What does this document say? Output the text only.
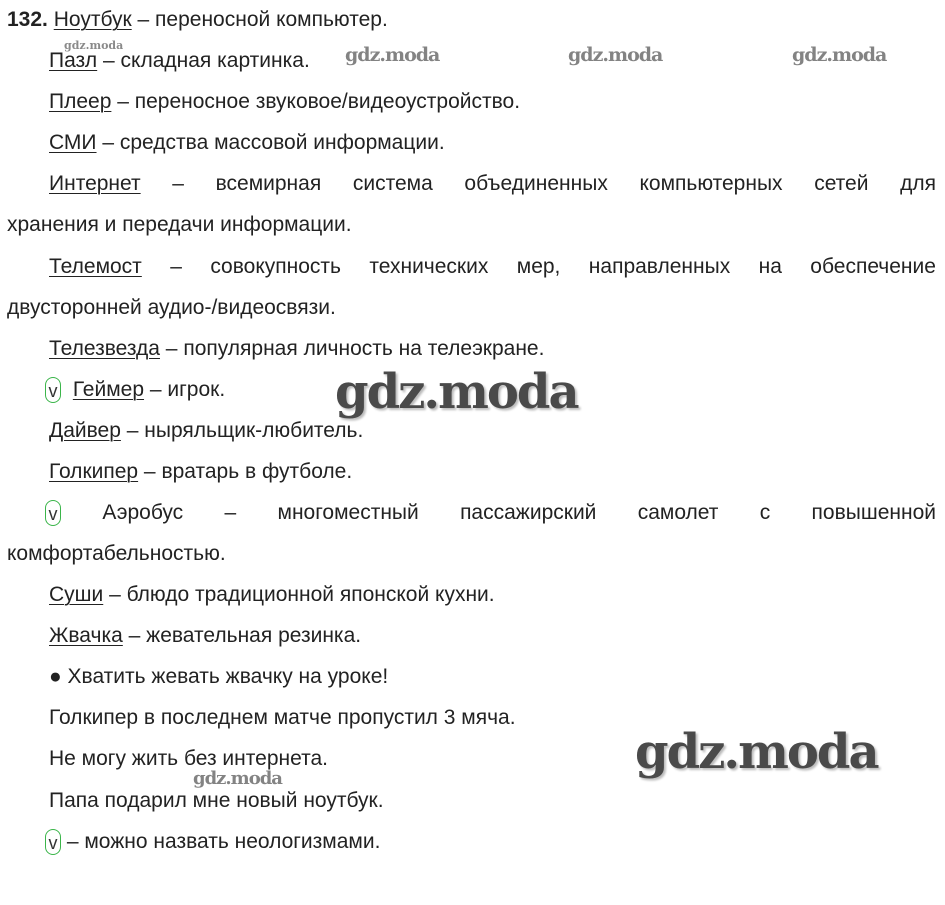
132. Ноутбук – переносной компьютер.
Пазл – складная картинка.
Плеер – переносное звуковое/видеоустройство.
СМИ – средства массовой информации.
Интернет – всемирная система объединенных компьютерных сетей для
хранения и передачи информации.
Телемост – совокупность технических мер, направленных на обеспечение
двусторонней аудио-/видеосвязи.
Телезвезда – популярная личность на телеэкране.
v Геймер – игрок.
Дайвер – ныряльщик-любитель.
Голкипер – вратарь в футболе.
v Аэробус – многоместный пассажирский самолет с повышенной
комфортабельностью.
Суши – блюдо традиционной японской кухни.
Жвачка – жевательная резинка.
● Хватить жевать жвачку на уроке!
Голкипер в последнем матче пропустил 3 мяча.
Не могу жить без интернета.
Папа подарил мне новый ноутбук.
v – можно назвать неологизмами.
gdz.moda	gdz.moda	gdz.moda	gdz.moda
gdz.moda
gdz.moda
gdz.moda
